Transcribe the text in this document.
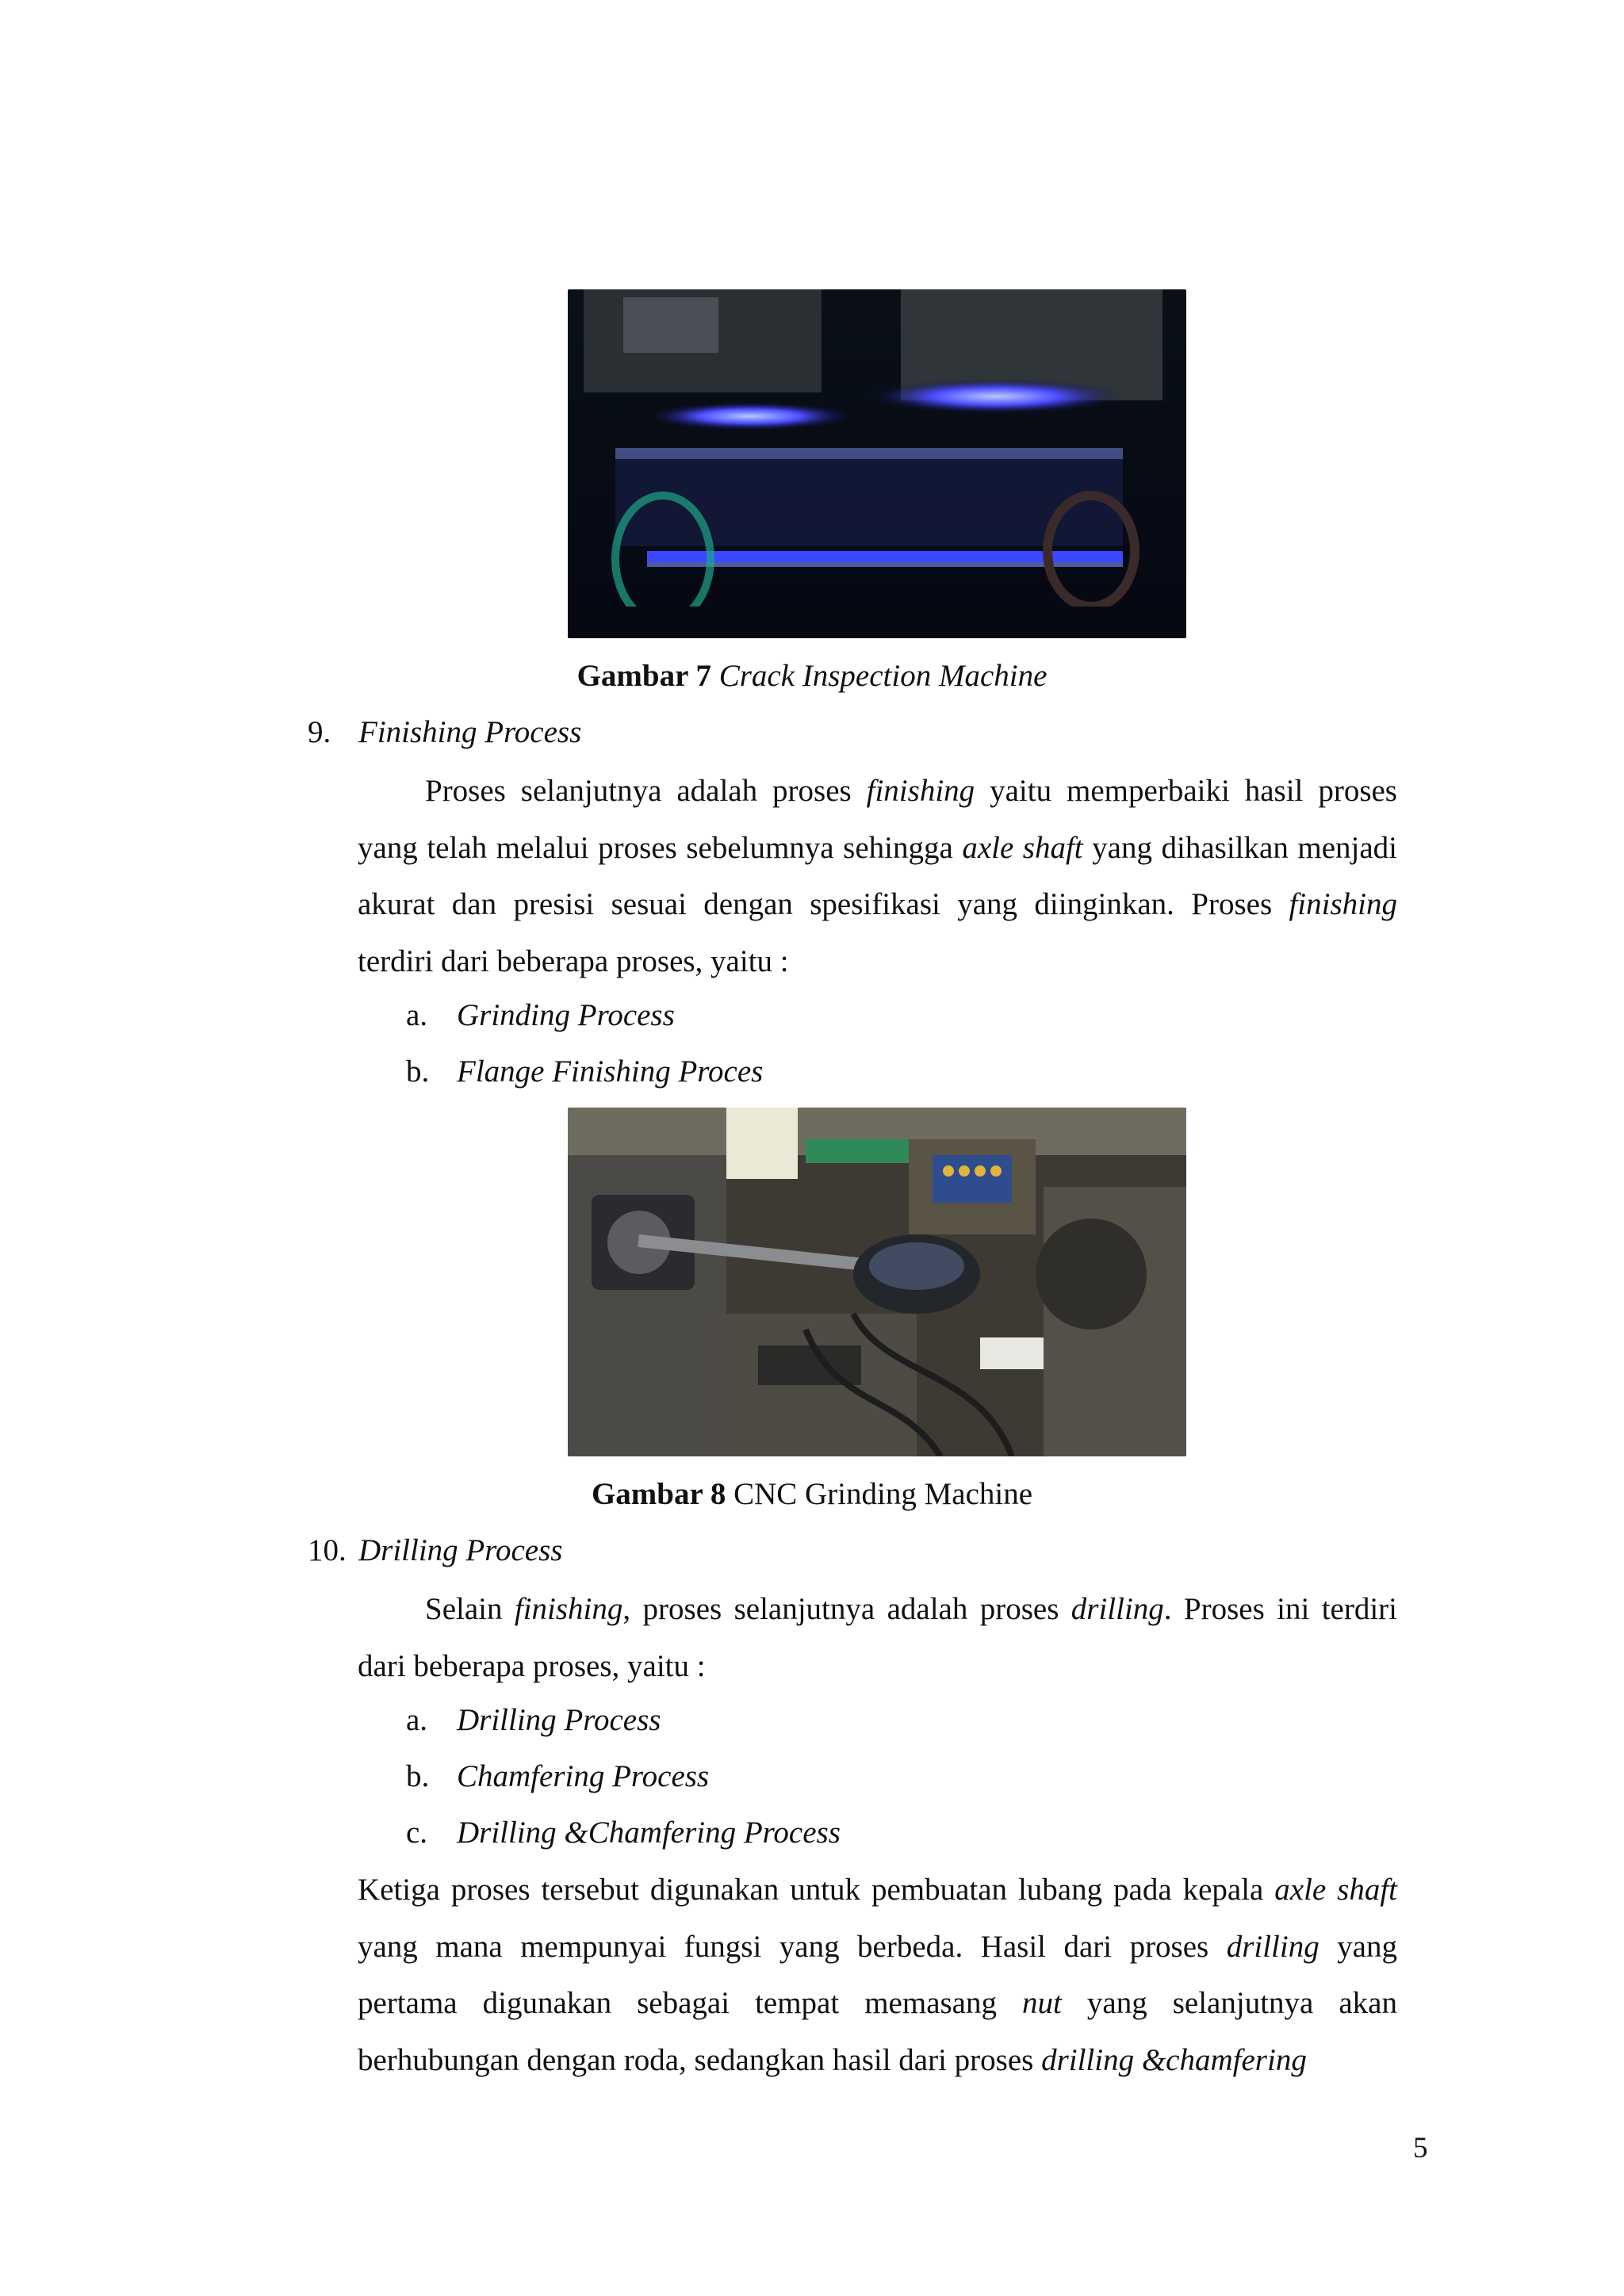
Gambar 7 Crack Inspection Machine
9. Finishing Process
Proses selanjutnya adalah proses finishing yaitu memperbaiki hasil proses yang telah melalui proses sebelumnya sehingga axle shaft yang dihasilkan menjadi akurat dan presisi sesuai dengan spesifikasi yang diinginkan. Proses finishing terdiri dari beberapa proses, yaitu :
a. Grinding Process
b. Flange Finishing Proces
Gambar 8 CNC Grinding Machine
10. Drilling Process
Selain finishing, proses selanjutnya adalah proses drilling. Proses ini terdiri dari beberapa proses, yaitu :
a. Drilling Process
b. Chamfering Process
c. Drilling &Chamfering Process
Ketiga proses tersebut digunakan untuk pembuatan lubang pada kepala axle shaft yang mana mempunyai fungsi yang berbeda. Hasil dari proses drilling yang pertama digunakan sebagai tempat memasang nut yang selanjutnya akan berhubungan dengan roda, sedangkan hasil dari proses drilling &chamfering
5
